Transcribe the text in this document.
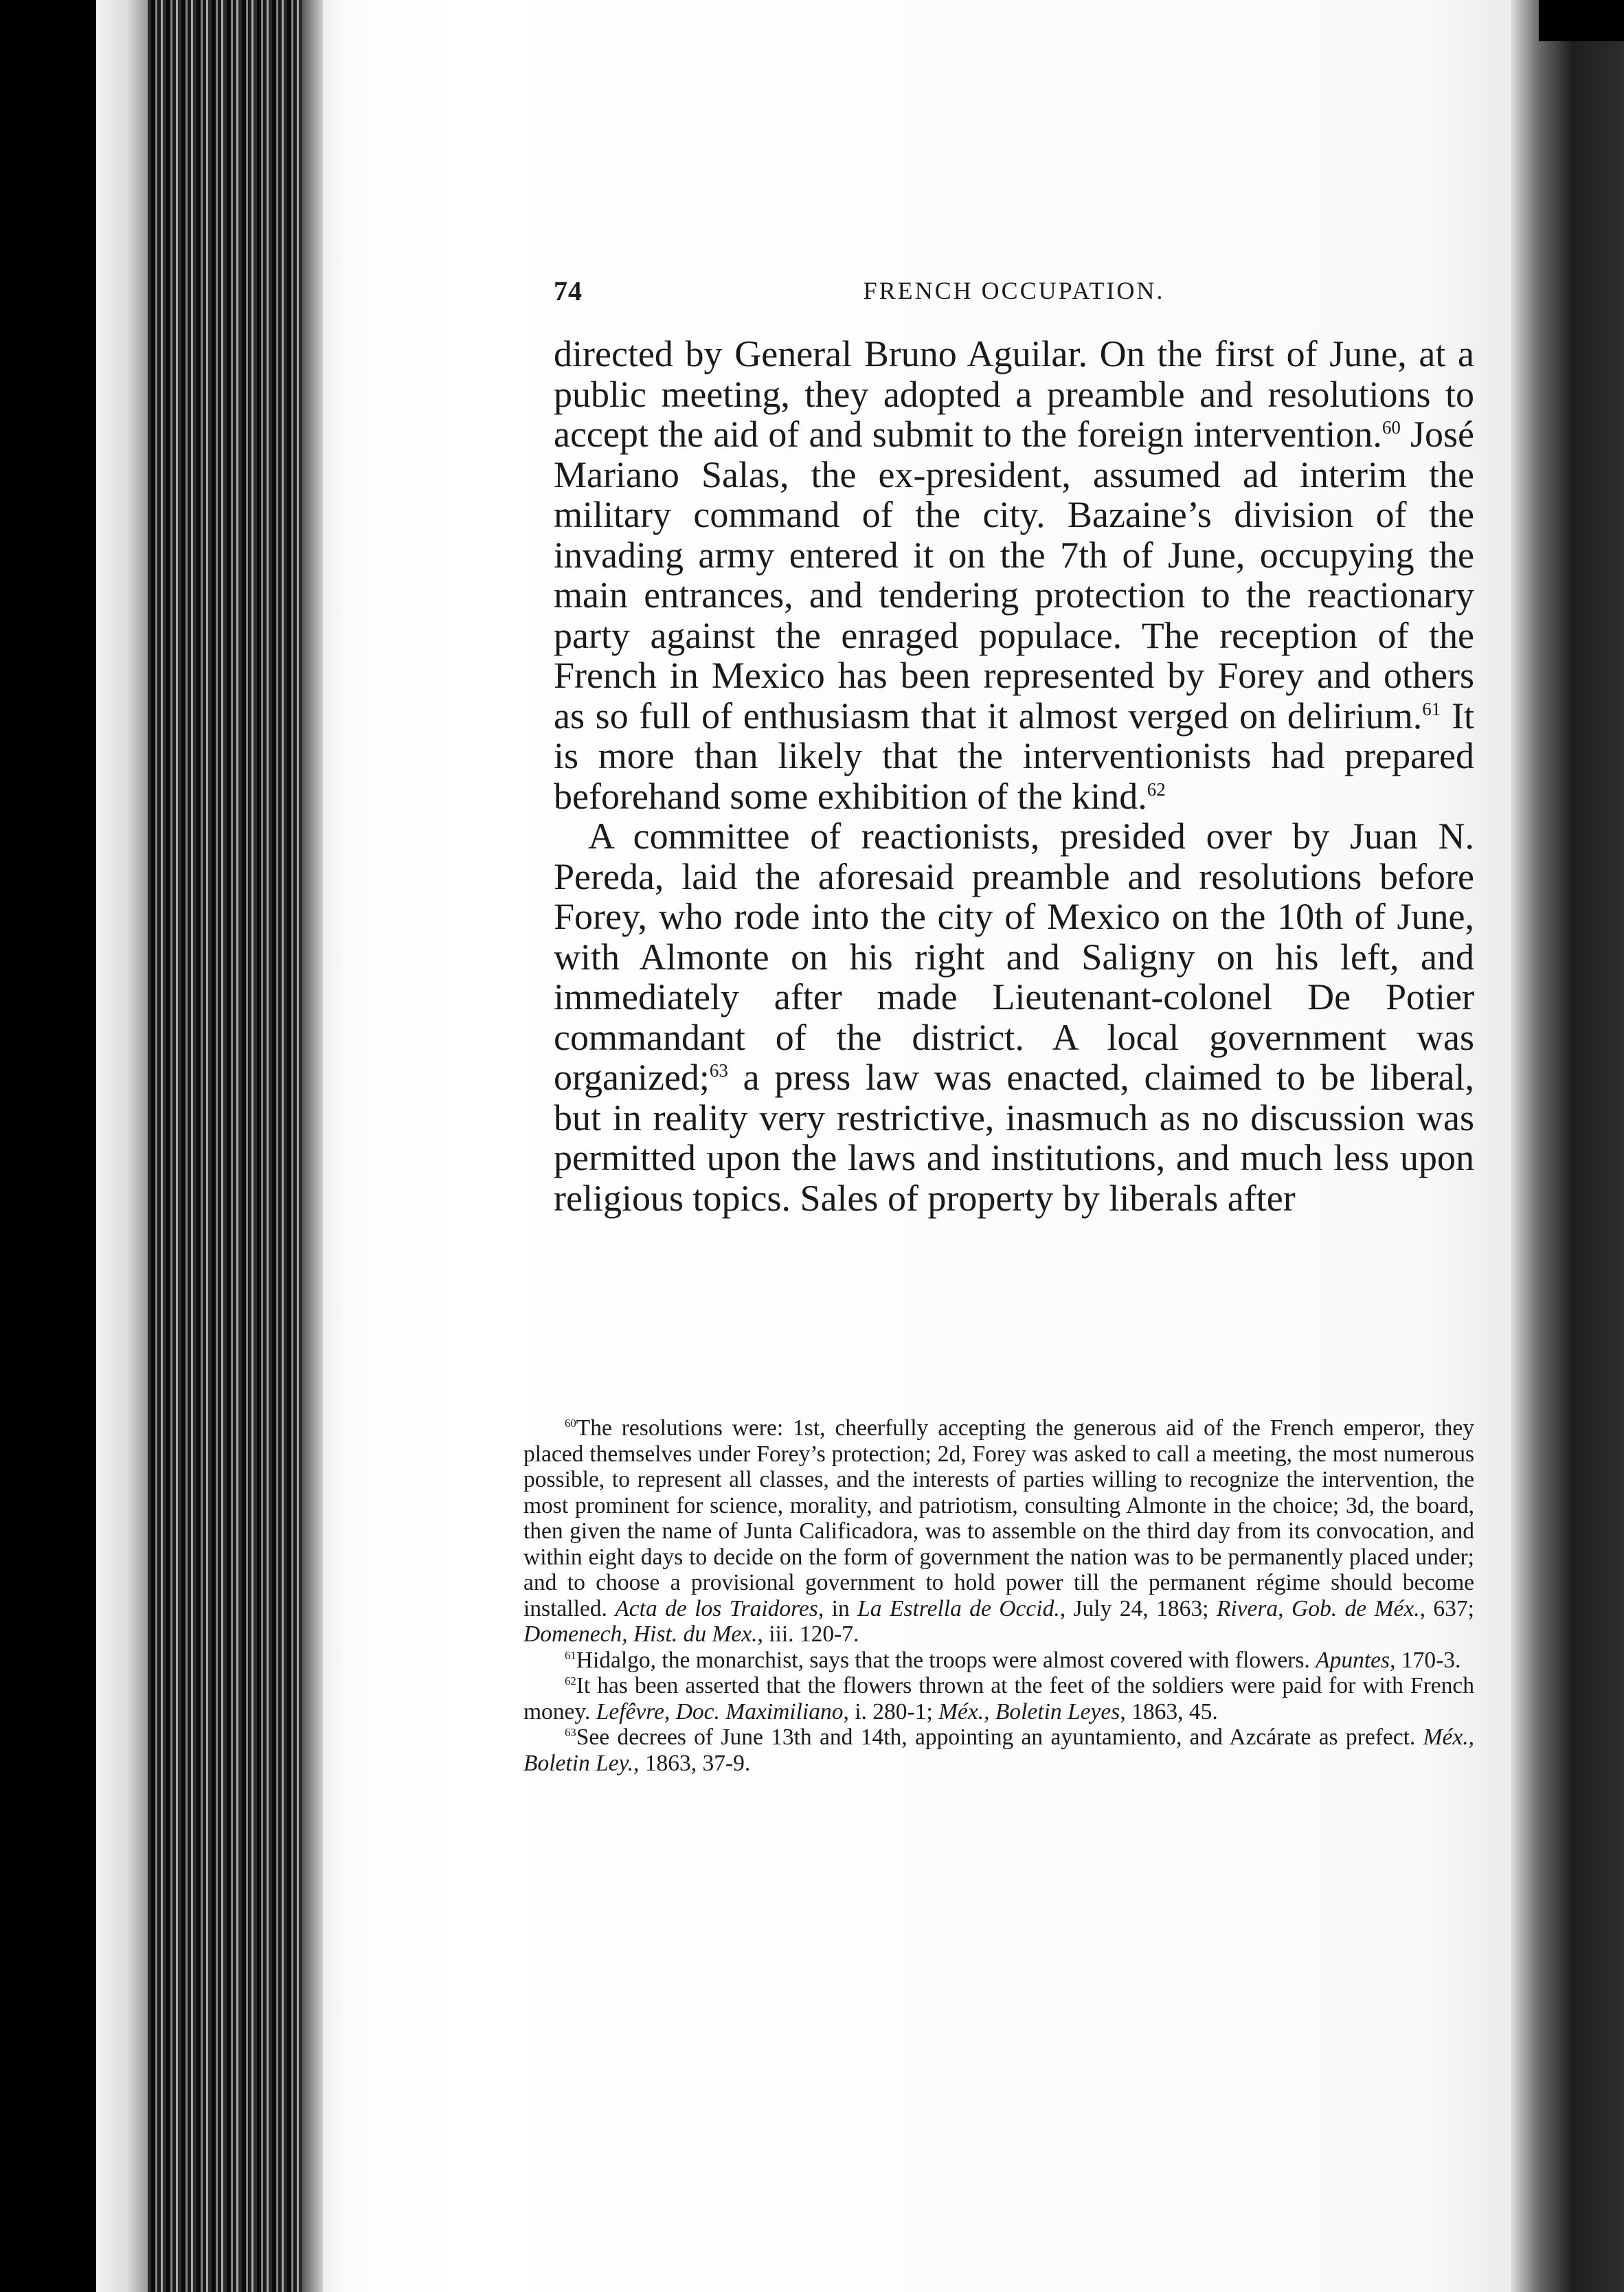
74	FRENCH OCCUPATION.

directed by General Bruno Aguilar. On the first of June, at a public meeting, they adopted a preamble and resolutions to accept the aid of and submit to the foreign intervention.$^{60}$ José Mariano Salas, the ex-president, assumed ad interim the military command of the city. Bazaine’s division of the invading army entered it on the 7th of June, occupying the main entrances, and tendering protection to the reactionary party against the enraged populace. The reception of the French in Mexico has been represented by Forey and others as so full of enthusiasm that it almost verged on delirium.$^{61}$ It is more than likely that the interventionists had prepared beforehand some exhibition of the kind.$^{62}$

A committee of reactionists, presided over by Juan N. Pereda, laid the aforesaid preamble and resolutions before Forey, who rode into the city of Mexico on the 10th of June, with Almonte on his right and Saligny on his left, and immediately after made Lieutenant-colonel De Potier commandant of the district. A local government was organized;$^{63}$ a press law was enacted, claimed to be liberal, but in reality very restrictive, inasmuch as no discussion was permitted upon the laws and institutions, and much less upon religious topics. Sales of property by liberals after

$^{60}$The resolutions were: 1st, cheerfully accepting the generous aid of the French emperor, they placed themselves under Forey’s protection; 2d, Forey was asked to call a meeting, the most numerous possible, to represent all classes, and the interests of parties willing to recognize the intervention, the most prominent for science, morality, and patriotism, consulting Almonte in the choice; 3d, the board, then given the name of Junta Calificadora, was to assemble on the third day from its convocation, and within eight days to decide on the form of government the nation was to be permanently placed under; and to choose a provisional government to hold power till the permanent régime should become installed. Acta de los Traidores, in La Estrella de Occid., July 24, 1863; Rivera, Gob. de Méx., 637; Domenech, Hist. du Mex., iii. 120-7.

$^{61}$Hidalgo, the monarchist, says that the troops were almost covered with flowers. Apuntes, 170-3.

$^{62}$It has been asserted that the flowers thrown at the feet of the soldiers were paid for with French money. Lefêvre, Doc. Maximiliano, i. 280-1; Méx., Boletin Leyes, 1863, 45.

$^{63}$See decrees of June 13th and 14th, appointing an ayuntamiento, and Azcárate as prefect. Méx., Boletin Ley., 1863, 37-9.
